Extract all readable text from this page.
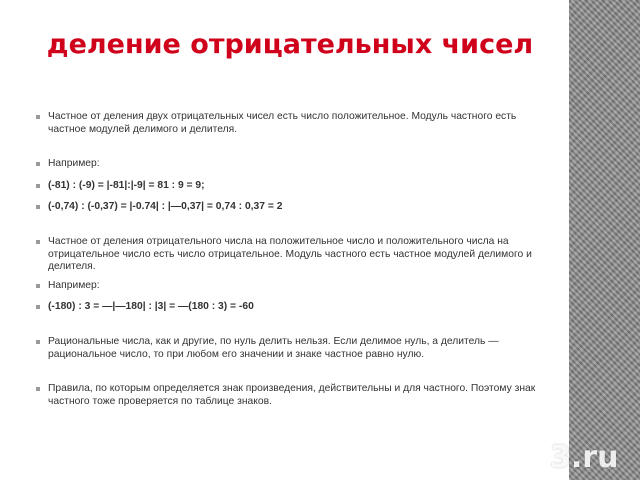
деление отрицательных чисел
Частное от деления двух отрицательных чисел есть число положительное. Модуль частного есть частное модулей делимого и делителя.
Например:
(-81) : (-9) = |-81|:|-9| = 81 : 9 = 9;
(-0,74) : (-0,37) = |-0.74| : |—0,37| = 0,74 : 0,37 = 2
Частное от деления отрицательного числа на положительное число и положительного числа на отрицательное число есть число отрицательное. Модуль частного есть частное модулей делимого и делителя.
Например:
(-180) : 3 = —|—180| : |3| = —(180 : 3) = -60
Рациональные числа, как и другие, по нуль делить нельзя. Если делимое нуль, а делитель — рациональное число, то при любом его значении и знаке частное равно нулю.
Правила, по которым определяется знак произведения, действительны и для частного. Поэтому знак частного тоже проверяется по таблице знаков.
3.ru
